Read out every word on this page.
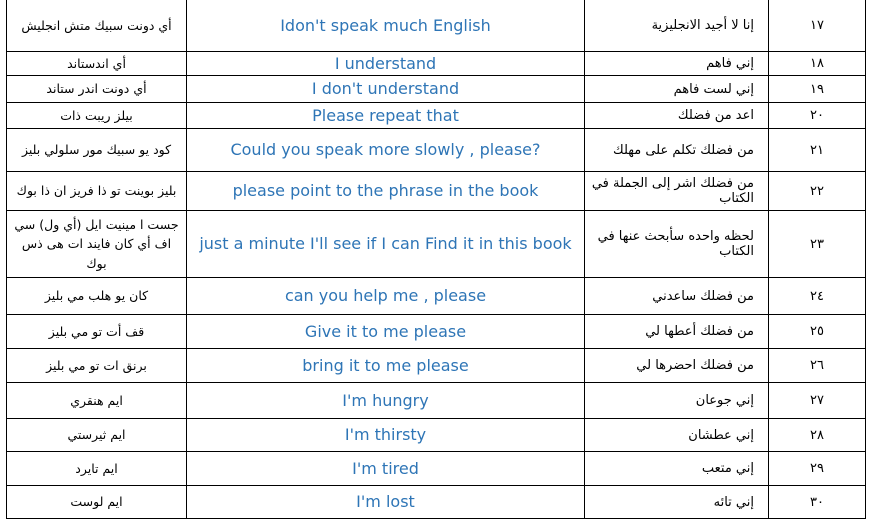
أي دونت سبيك متش انجليش	Idon't speak much English	إنا لا أجيد الانجليزية	١٧
أي اندستاند	I understand	إني فاهم	١٨
أي دونت اندر ستاند	I don't understand	إني لست فاهم	١٩
بيلز ريبت ذات	Please repeat that	اعد من فضلك	٢٠
كود يو سبيك مور سلولي بليز	Could you speak more slowly , please?	من فضلك تكلم على مهلك	٢١
بليز بوينت تو ذا فريز ان ذا بوك	please point to the phrase in the book	من فضلك اشر إلى الجملة في الكتاب	٢٢
جست ا مينيت ايل (أي ول) سي اف أي كان فايند ات هى ذس بوك	just a minute I'll see if I can Find it in this book	لحظه واحده سأبحث عنها في الكتاب	٢٣
كان يو هلب مي بليز	can you help me , please	من فضلك ساعدني	٢٤
قف أت تو مي بليز	Give it to me please	من فضلك أعطها لي	٢٥
برنق ات تو مي بليز	bring it to me please	من فضلك احضرها لي	٢٦
ايم هنقري	I'm hungry	إني جوعان	٢٧
ايم ثيرستي	I'm thirsty	إني عطشان	٢٨
ايم تايرد	I'm tired	إني متعب	٢٩
ايم لوست	I'm lost	إني تائه	٣٠
